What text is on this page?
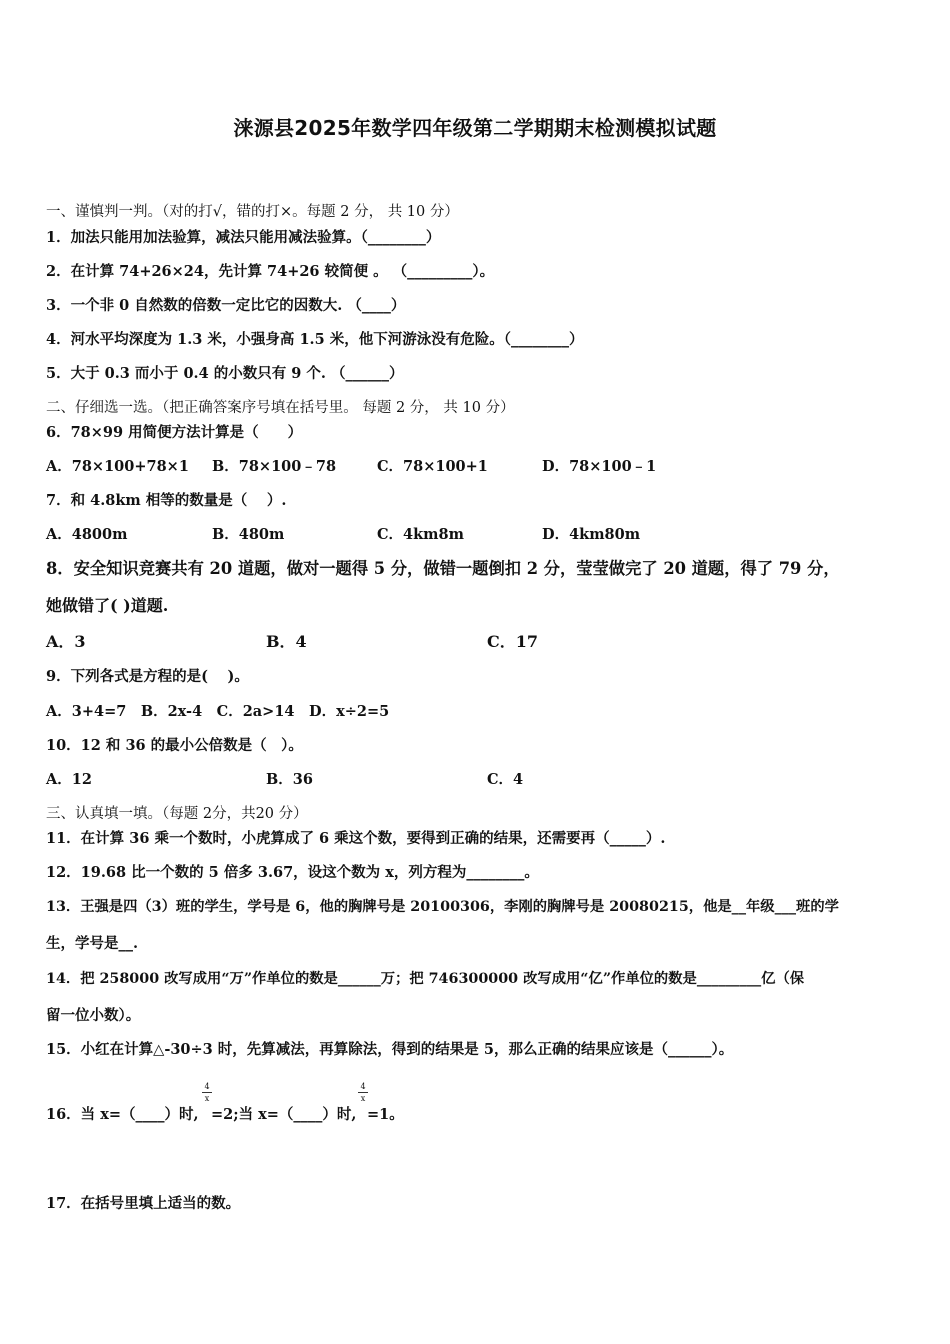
涞源县2025年数学四年级第二学期期末检测模拟试题
一、谨慎判一判。（对的打√，错的打×。每题 2 分， 共 10 分）
1．加法只能用加法验算，减法只能用减法验算。（________）
2．在计算 74+26×24，先计算 74+26 较简便 。 （_________）。
3．一个非 0 自然数的倍数一定比它的因数大. （____）
4．河水平均深度为 1.3 米，小强身高 1.5 米，他下河游泳没有危险。（________）
5．大于 0.3 而小于 0.4 的小数只有 9 个. （______）
二、仔细选一选。（把正确答案序号填在括号里。 每题 2 分， 共 10 分）
6．78×99 用简便方法计算是（　　）
A．78×100+78×1 B．78×100﹣78	C．78×100+1	D．78×100﹣1
7．和 4.8km 相等的数量是（　 ）.
A．4800m	B．480m	C．4km8m	D．4km80m
8．安全知识竞赛共有 20 道题，做对一题得 5 分，做错一题倒扣 2 分，莹莹做完了 20 道题，得了 79 分，
她做错了( )道题.
A．3	B．4	C．17
9．下列各式是方程的是(　 )。
A．3+4=7　B．2x-4　C．2a>14　D．x÷2=5
10．12 和 36 的最小公倍数是（　）。
A．12	B．36	C．4
三、认真填一填。（每题 2分，共20 分）
11．在计算 36 乘一个数时，小虎算成了 6 乘这个数，要得到正确的结果，还需要再（_____）.
12．19.68 比一个数的 5 倍多 3.67，设这个数为 x，列方程为________。
13．王强是四（3）班的学生，学号是 6，他的胸牌号是 20100306，李刚的胸牌号是 20080215，他是__年级___班的学
生，学号是__.
14．把 258000 改写成用“万”作单位的数是______万；把 746300000 改写成用“亿”作单位的数是_________亿（保
留一位小数）。
15．小红在计算△-30÷3 时，先算减法，再算除法，得到的结果是 5，那么正确的结果应该是（______）。
16．当 x=（____）时,
4
x
=2;当 x=（____）时,
4
x
=1。
17．在括号里填上适当的数。
